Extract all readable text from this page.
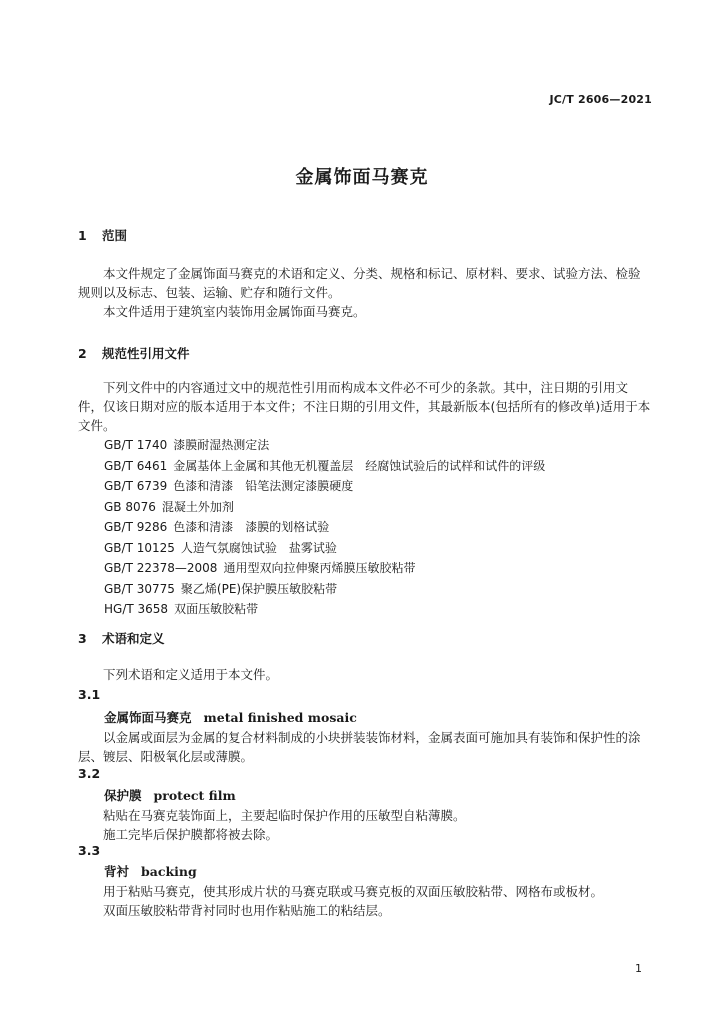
JC/T 2606—2021
金属饰面马赛克
1 范围
本文件规定了金属饰面马赛克的术语和定义、分类、规格和标记、原材料、要求、试验方法、检验规则以及标志、包装、运输、贮存和随行文件。
本文件适用于建筑室内装饰用金属饰面马赛克。
2 规范性引用文件
下列文件中的内容通过文中的规范性引用而构成本文件必不可少的条款。其中，注日期的引用文件，仅该日期对应的版本适用于本文件；不注日期的引用文件，其最新版本(包括所有的修改单)适用于本文件。
GB/T 1740 漆膜耐湿热测定法
GB/T 6461 金属基体上金属和其他无机覆盖层　经腐蚀试验后的试样和试件的评级
GB/T 6739 色漆和清漆　铅笔法测定漆膜硬度
GB 8076 混凝土外加剂
GB/T 9286 色漆和清漆　漆膜的划格试验
GB/T 10125 人造气氛腐蚀试验　盐雾试验
GB/T 22378—2008 通用型双向拉伸聚丙烯膜压敏胶粘带
GB/T 30775 聚乙烯(PE)保护膜压敏胶粘带
HG/T 3658 双面压敏胶粘带
3 术语和定义
下列术语和定义适用于本文件。
3.1
金属饰面马赛克 metal finished mosaic
以金属或面层为金属的复合材料制成的小块拼装装饰材料，金属表面可施加具有装饰和保护性的涂层、镀层、阳极氧化层或薄膜。
3.2
保护膜 protect film
粘贴在马赛克装饰面上，主要起临时保护作用的压敏型自粘薄膜。
施工完毕后保护膜都将被去除。
3.3
背衬 backing
用于粘贴马赛克，使其形成片状的马赛克联或马赛克板的双面压敏胶粘带、网格布或板材。
双面压敏胶粘带背衬同时也用作粘贴施工的粘结层。
1
